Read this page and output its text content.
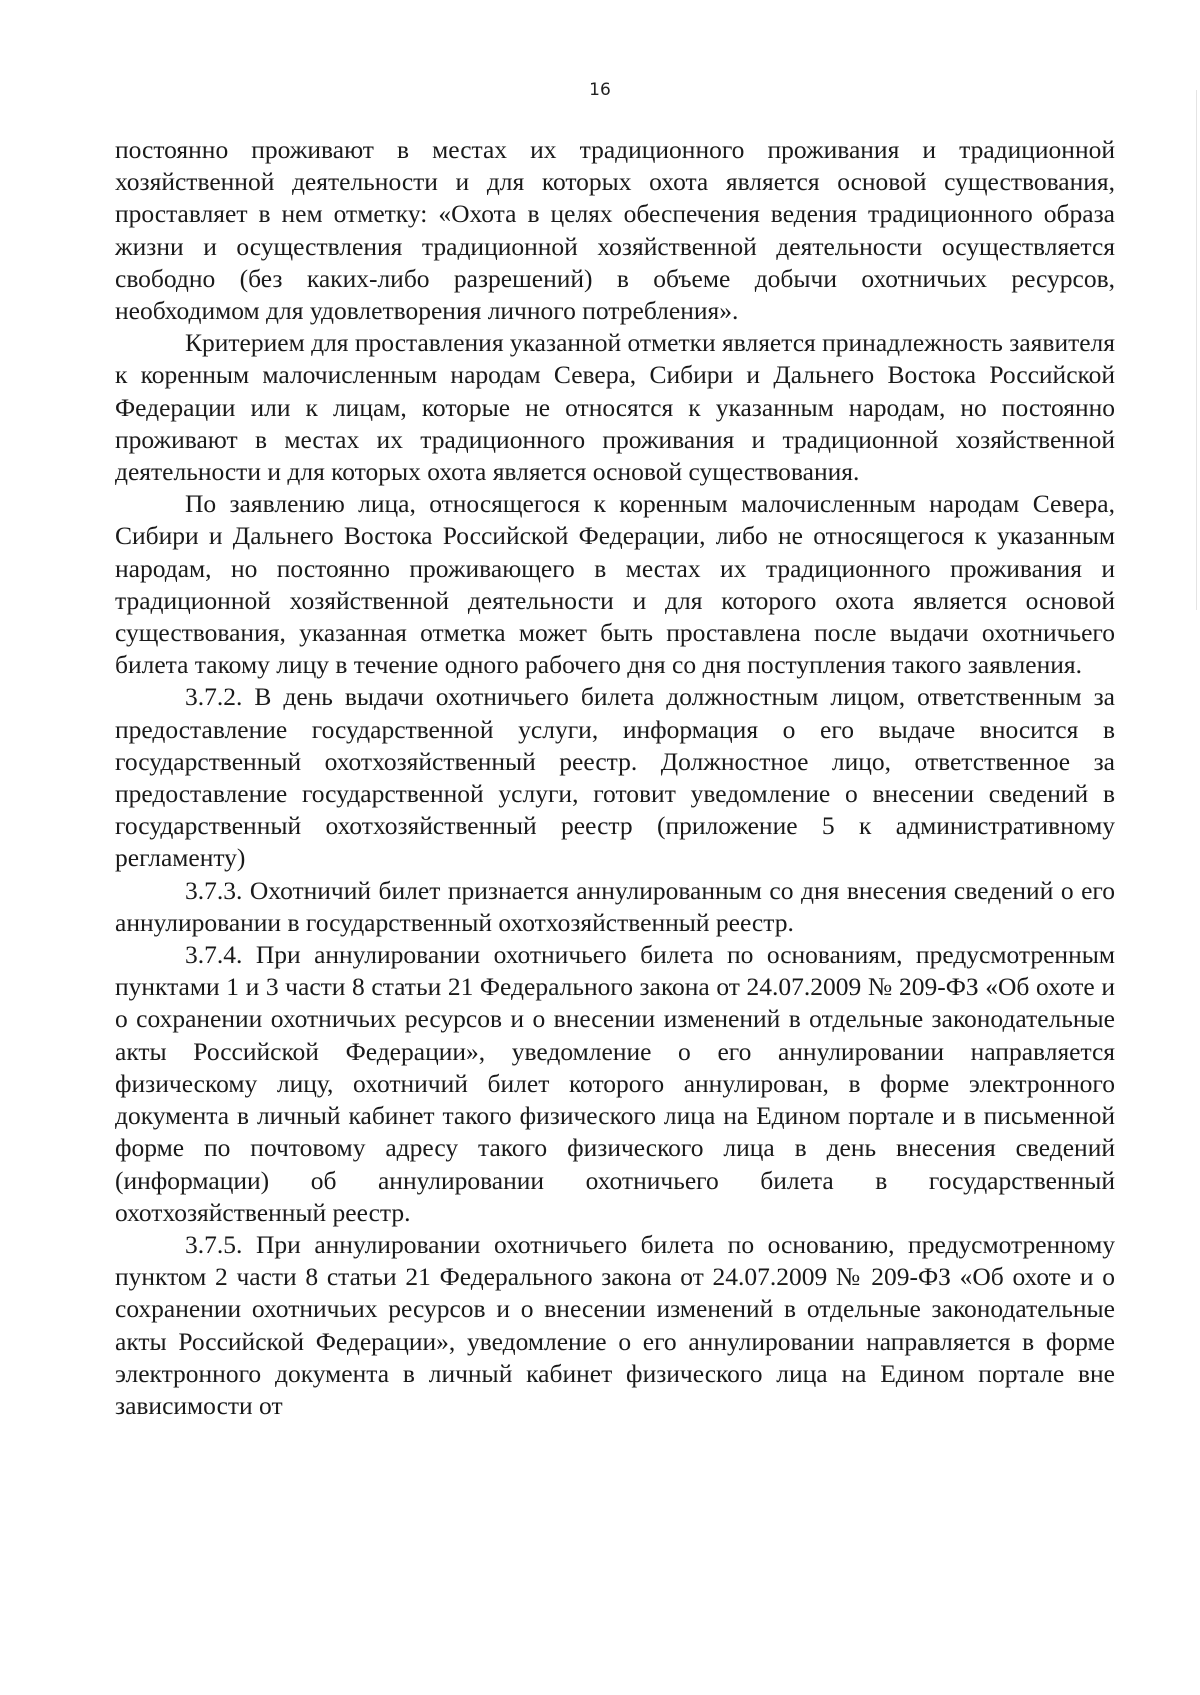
16

постоянно проживают в местах их традиционного проживания и традиционной хозяйственной деятельности и для которых охота является основой существования, проставляет в нем отметку: «Охота в целях обеспечения ведения традиционного образа жизни и осуществления традиционной хозяйственной деятельности осуществляется свободно (без каких-либо разрешений) в объеме добычи охотничьих ресурсов, необходимом для удовлетворения личного потребления».

Критерием для проставления указанной отметки является принадлежность заявителя к коренным малочисленным народам Севера, Сибири и Дальнего Востока Российской Федерации или к лицам, которые не относятся к указанным народам, но постоянно проживают в местах их традиционного проживания и традиционной хозяйственной деятельности и для которых охота является основой существования.

По заявлению лица, относящегося к коренным малочисленным народам Севера, Сибири и Дальнего Востока Российской Федерации, либо не относящегося к указанным народам, но постоянно проживающего в местах их традиционного проживания и традиционной хозяйственной деятельности и для которого охота является основой существования, указанная отметка может быть проставлена после выдачи охотничьего билета такому лицу в течение одного рабочего дня со дня поступления такого заявления.

3.7.2. В день выдачи охотничьего билета должностным лицом, ответственным за предоставление государственной услуги, информация о его выдаче вносится в государственный охотхозяйственный реестр. Должностное лицо, ответственное за предоставление государственной услуги, готовит уведомление о внесении сведений в государственный охотхозяйственный реестр (приложение 5 к административному регламенту)

3.7.3. Охотничий билет признается аннулированным со дня внесения сведений о его аннулировании в государственный охотхозяйственный реестр.

3.7.4. При аннулировании охотничьего билета по основаниям, предусмотренным пунктами 1 и 3 части 8 статьи 21 Федерального закона от 24.07.2009 № 209-ФЗ «Об охоте и о сохранении охотничьих ресурсов и о внесении изменений в отдельные законодательные акты Российской Федерации», уведомление о его аннулировании направляется физическому лицу, охотничий билет которого аннулирован, в форме электронного документа в личный кабинет такого физического лица на Едином портале и в письменной форме по почтовому адресу такого физического лица в день внесения сведений (информации) об аннулировании охотничьего билета в государственный охотхозяйственный реестр.

3.7.5. При аннулировании охотничьего билета по основанию, предусмотренному пунктом 2 части 8 статьи 21 Федерального закона от 24.07.2009 № 209-ФЗ «Об охоте и о сохранении охотничьих ресурсов и о внесении изменений в отдельные законодательные акты Российской Федерации», уведомление о его аннулировании направляется в форме электронного документа в личный кабинет физического лица на Едином портале вне зависимости от
